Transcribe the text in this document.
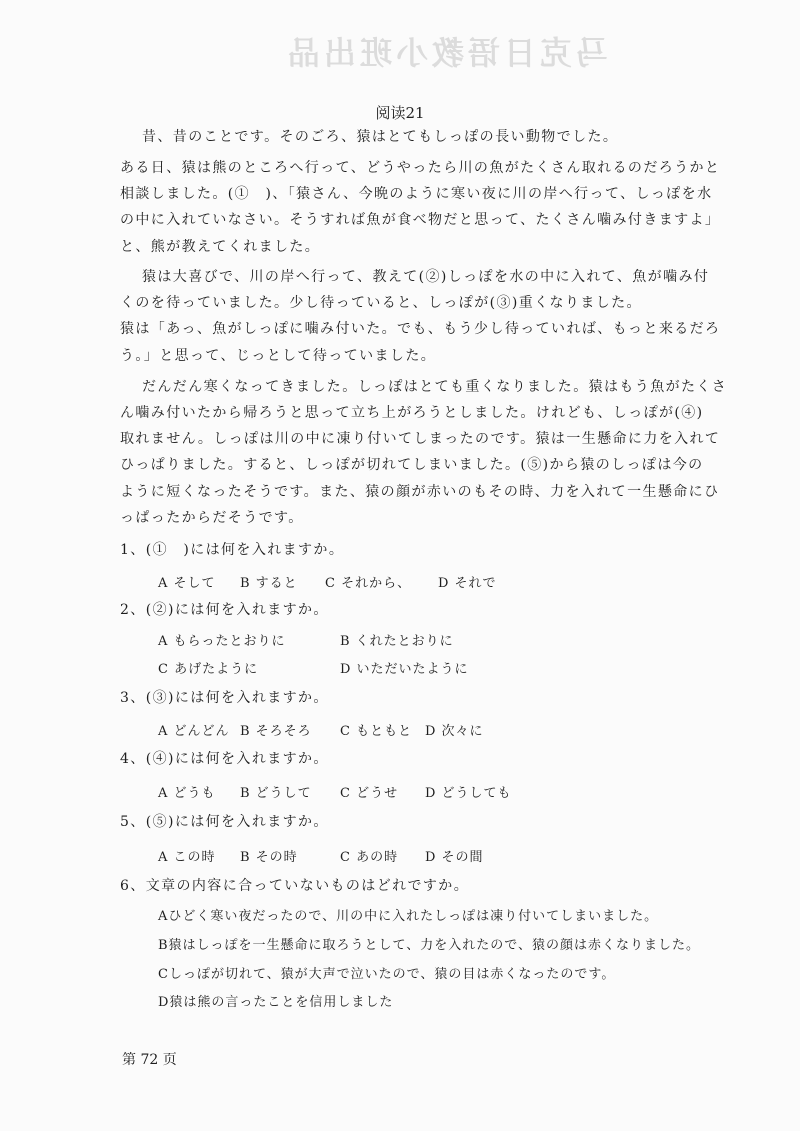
马克日语教小班出品
阅读21
昔、昔のことです。そのごろ、猿はとてもしっぽの長い動物でした。
ある日、猿は熊のところへ行って、どうやったら川の魚がたくさん取れるのだろうかと
相談しました。(①　)、「猿さん、今晩のように寒い夜に川の岸へ行って、しっぽを水
の中に入れていなさい。そうすれば魚が食べ物だと思って、たくさん噛み付きますよ」
と、熊が教えてくれました。
猿は大喜びで、川の岸へ行って、教えて(②)しっぽを水の中に入れて、魚が噛み付
くのを待っていました。少し待っていると、しっぽが(③)重くなりました。
猿は「あっ、魚がしっぽに噛み付いた。でも、もう少し待っていれば、もっと来るだろ
う。」と思って、じっとして待っていました。
だんだん寒くなってきました。しっぽはとても重くなりました。猿はもう魚がたくさ
ん噛み付いたから帰ろうと思って立ち上がろうとしました。けれども、しっぽが(④)
取れません。しっぽは川の中に凍り付いてしまったのです。猿は一生懸命に力を入れて
ひっぱりました。すると、しっぽが切れてしまいました。(⑤)から猿のしっぽは今の
ように短くなったそうです。また、猿の顔が赤いのもその時、力を入れて一生懸命にひ
っぱったからだそうです。
1、(①　)には何を入れますか。
A そして B すると C それから、 D それで
2、(②)には何を入れますか。
A もらったとおりに	B くれたとおりに
C あげたように	D いただいたように
3、(③)には何を入れますか。
A どんどん B そろそろ C もともと D 次々に
4、(④)には何を入れますか。
A どうも B どうして C どうせ D どうしても
5、(⑤)には何を入れますか。
A この時 B その時	C あの時 D その間
6、文章の内容に合っていないものはどれですか。
Aひどく寒い夜だったので、川の中に入れたしっぽは凍り付いてしまいました。
B猿はしっぽを一生懸命に取ろうとして、力を入れたので、猿の顔は赤くなりました。
Cしっぽが切れて、猿が大声で泣いたので、猿の目は赤くなったのです。
D猿は熊の言ったことを信用しました
第 72 页
